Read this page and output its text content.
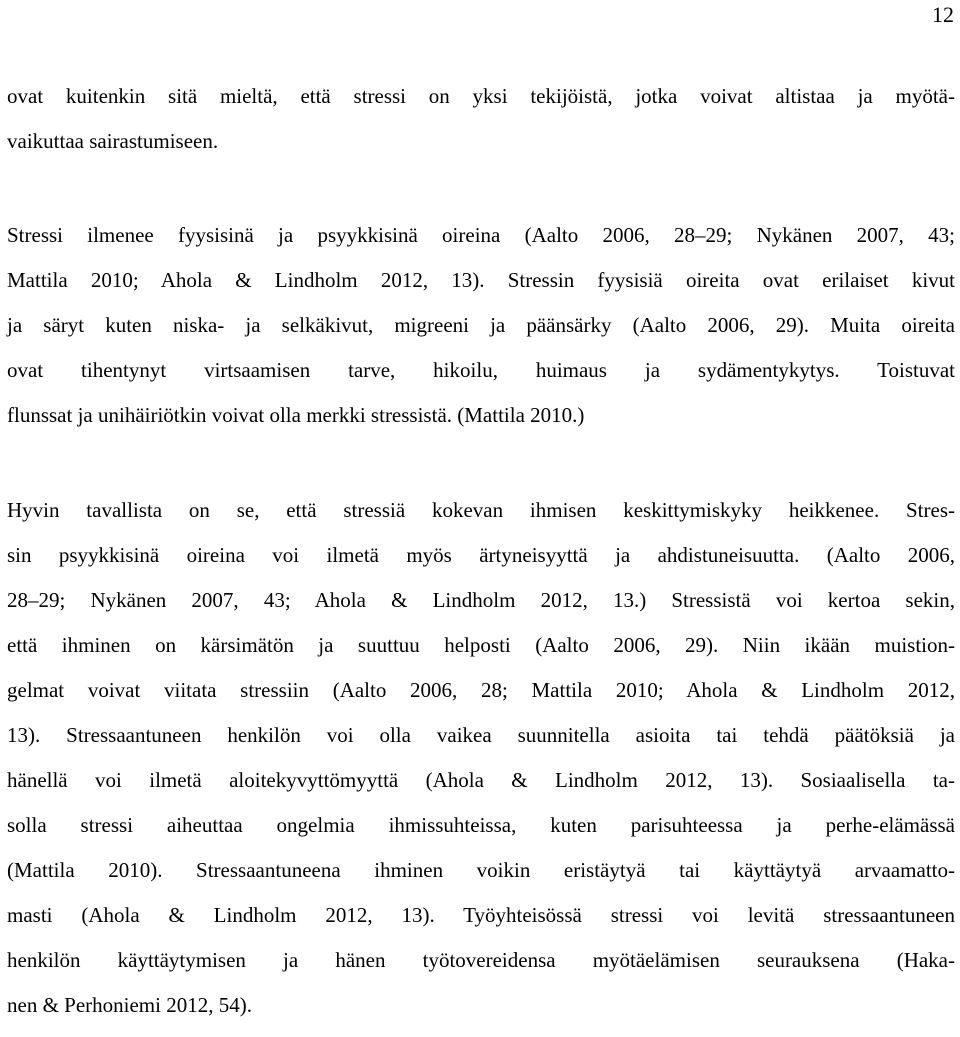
12
ovat kuitenkin sitä mieltä, että stressi on yksi tekijöistä, jotka voivat altistaa ja myötä-
vaikuttaa sairastumiseen.
Stressi ilmenee fyysisinä ja psyykkisinä oireina (Aalto 2006, 28–29; Nykänen 2007, 43;
Mattila 2010; Ahola & Lindholm 2012, 13). Stressin fyysisiä oireita ovat erilaiset kivut
ja säryt kuten niska- ja selkäkivut, migreeni ja päänsärky (Aalto 2006, 29). Muita oireita
ovat tihentynyt virtsaamisen tarve, hikoilu, huimaus ja sydämentykytys. Toistuvat
flunssat ja unihäiriötkin voivat olla merkki stressistä. (Mattila 2010.)
Hyvin tavallista on se, että stressiä kokevan ihmisen keskittymiskyky heikkenee. Stres-
sin psyykkisinä oireina voi ilmetä myös ärtyneisyyttä ja ahdistuneisuutta. (Aalto 2006,
28–29; Nykänen 2007, 43; Ahola & Lindholm 2012, 13.) Stressistä voi kertoa sekin,
että ihminen on kärsimätön ja suuttuu helposti (Aalto 2006, 29). Niin ikään muistion-
gelmat voivat viitata stressiin (Aalto 2006, 28; Mattila 2010; Ahola & Lindholm 2012,
13). Stressaantuneen henkilön voi olla vaikea suunnitella asioita tai tehdä päätöksiä ja
hänellä voi ilmetä aloitekyvyttömyyttä (Ahola & Lindholm 2012, 13). Sosiaalisella ta-
solla stressi aiheuttaa ongelmia ihmissuhteissa, kuten parisuhteessa ja perhe-elämässä
(Mattila 2010). Stressaantuneena ihminen voikin eristäytyä tai käyttäytyä arvaamatto-
masti (Ahola & Lindholm 2012, 13). Työyhteisössä stressi voi levitä stressaantuneen
henkilön käyttäytymisen ja hänen työtovereidensa myötäelämisen seurauksena (Haka-
nen & Perhoniemi 2012, 54).
